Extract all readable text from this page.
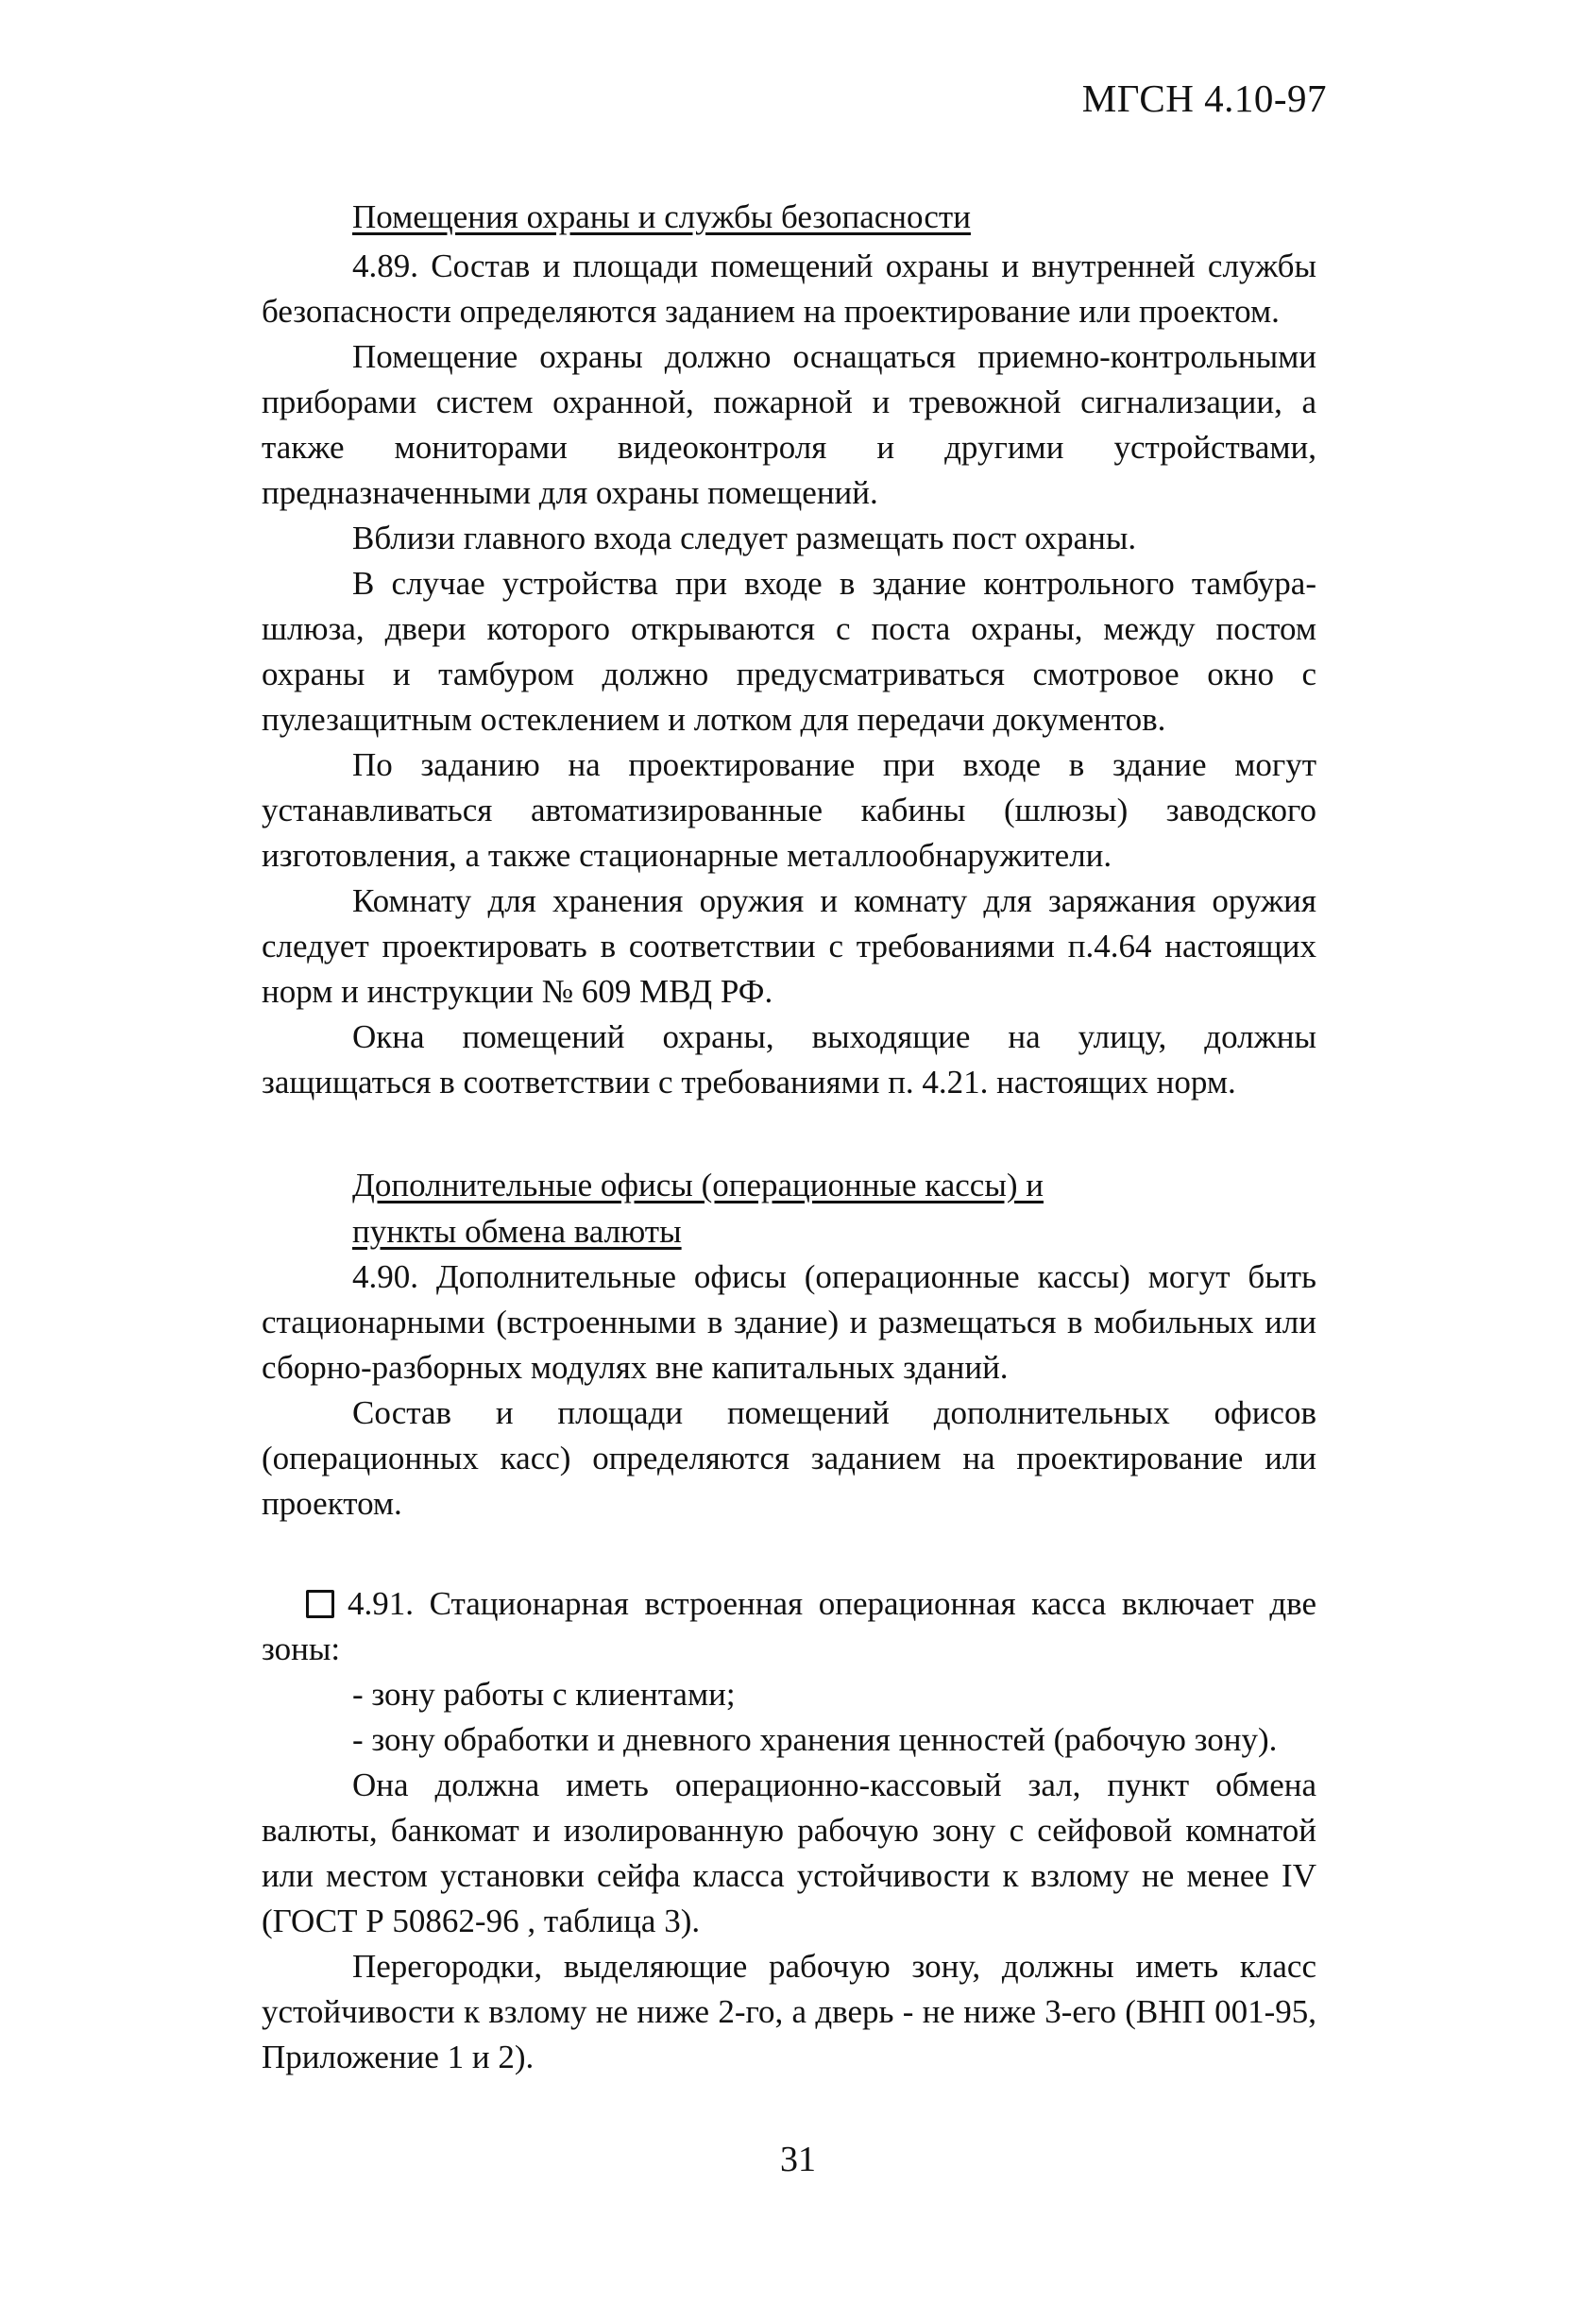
МГСН 4.10-97

Помещения охраны и службы безопасности

4.89. Состав и площади помещений охраны и внутренней службы безопасности определяются заданием на проектирование или проектом.

Помещение охраны должно оснащаться приемно-контрольными приборами систем охранной, пожарной и тревожной сигнализации, а также мониторами видеоконтроля и другими устройствами, предназначенными для охраны помещений.

Вблизи главного входа следует размещать пост охраны.

В случае устройства при входе в здание контрольного тамбура-шлюза, двери которого открываются с поста охраны, между постом охраны и тамбуром должно предусматриваться смотровое окно с пулезащитным остеклением и лотком для передачи документов.

По заданию на проектирование при входе в здание могут устанавливаться автоматизированные кабины (шлюзы) заводского изготовления, а также стационарные металлообнаружители.

Комнату для хранения оружия и комнату для заряжания оружия следует проектировать в соответствии с требованиями п.4.64 настоящих норм и инструкции № 609 МВД РФ.

Окна помещений охраны, выходящие на улицу, должны защищаться в соответствии с требованиями п. 4.21. настоящих норм.

Дополнительные офисы (операционные кассы) и

пункты обмена валюты

4.90. Дополнительные офисы (операционные кассы) могут быть стационарными (встроенными в здание) и размещаться в мобильных или сборно-разборных модулях вне капитальных зданий.

Состав и площади помещений дополнительных офисов (операционных касс) определяются заданием на проектирование или проектом.

4.91. Стационарная встроенная операционная касса включает две зоны:

- зону работы с клиентами;

- зону обработки и дневного хранения ценностей (рабочую зону).

Она должна иметь операционно-кассовый зал, пункт обмена валюты, банкомат и изолированную рабочую зону с сейфовой комнатой или местом установки сейфа класса устойчивости к взлому не менее IV (ГОСТ Р 50862-96 , таблица 3).

Перегородки, выделяющие рабочую зону, должны иметь класс устойчивости к взлому не ниже 2-го, а дверь - не ниже 3-его (ВНП 001-95, Приложение 1 и 2).

31
